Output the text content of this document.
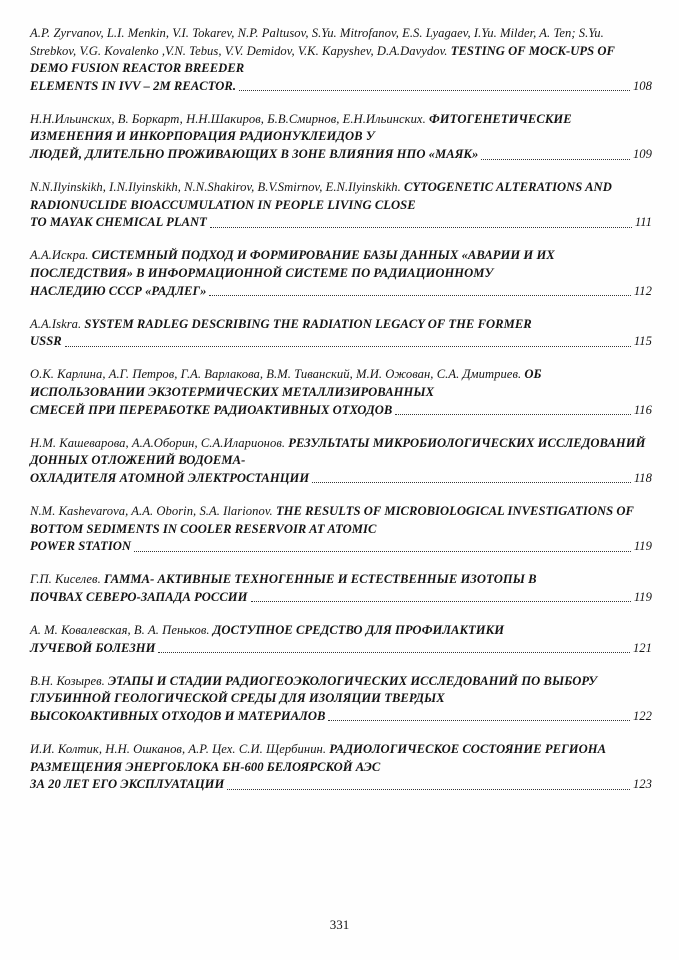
A.P. Zyrvanov, L.I. Menkin, V.I. Tokarev, N.P. Paltusov, S.Yu. Mitrofanov, E.S. Lyagaev, I.Yu. Milder, A. Ten; S.Yu. Strebkov, V.G. Kovalenko ,V.N. Tebus, V.V. Demidov, V.K. Kapyshev, D.A.Davydov. TESTING OF MOCK-UPS OF DEMO FUSION REACTOR BREEDER
ELEMENTS IN IVV – 2M REACTOR.	108
Н.Н.Ильинских, В. Боркарт, Н.Н.Шакиров, Б.В.Смирнов, Е.Н.Ильинских. ФИТОГЕНЕТИЧЕСКИЕ ИЗМЕНЕНИЯ И ИНКОРПОРАЦИЯ РАДИОНУКЛЕИДОВ У
ЛЮДЕЙ, ДЛИТЕЛЬНО ПРОЖИВАЮЩИХ В ЗОНЕ ВЛИЯНИЯ НПО «МАЯК»	109
N.N.Ilyinskikh, I.N.Ilyinskikh, N.N.Shakirov, B.V.Smirnov, E.N.Ilyinskikh. CYTOGENETIC ALTERATIONS AND RADIONUCLIDE BIOACCUMULATION IN PEOPLE LIVING CLOSE
TO MAYAK CHEMICAL PLANT	111
А.А.Искра. СИСТЕМНЫЙ ПОДХОД И ФОРМИРОВАНИЕ БАЗЫ ДАННЫХ «АВАРИИ И ИХ ПОСЛЕДСТВИЯ» В ИНФОРМАЦИОННОЙ СИСТЕМЕ ПО РАДИАЦИОННОМУ
НАСЛЕДИЮ СССР «РАДЛЕГ»	112
A.A.Iskra. SYSTEM RADLEG DESCRIBING THE RADIATION LEGACY OF THE FORMER
USSR	115
О.К. Карлина, А.Г. Петров, Г.А. Варлакова, В.М. Тиванский, М.И. Ожован, С.А. Дмитриев. ОБ ИСПОЛЬЗОВАНИИ ЭКЗОТЕРМИЧЕСКИХ МЕТАЛЛИЗИРОВАННЫХ
СМЕСЕЙ ПРИ ПЕРЕРАБОТКЕ РАДИОАКТИВНЫХ ОТХОДОВ	116
Н.М. Кашеварова, А.А.Оборин, С.А.Иларионов. РЕЗУЛЬТАТЫ МИКРОБИОЛОГИЧЕСКИХ ИССЛЕДОВАНИЙ ДОННЫХ ОТЛОЖЕНИЙ ВОДОЕМА-
ОХЛАДИТЕЛЯ АТОМНОЙ ЭЛЕКТРОСТАНЦИИ	118
N.M. Kashevarova, A.A. Oborin, S.A. Ilarionov. THE RESULTS OF MICROBIOLOGICAL INVESTIGATIONS OF BOTTOM SEDIMENTS IN COOLER RESERVOIR AT ATOMIC
POWER STATION	119
Г.П. Киселев. ГАММА- АКТИВНЫЕ ТЕХНОГЕННЫЕ И ЕСТЕСТВЕННЫЕ ИЗОТОПЫ В
ПОЧВАХ СЕВЕРО-ЗАПАДА РОССИИ	119
А. М. Ковалевская, В. А. Пеньков. ДОСТУПНОЕ СРЕДСТВО ДЛЯ ПРОФИЛАКТИКИ
ЛУЧЕВОЙ БОЛЕЗНИ	121
В.Н. Козырев. ЭТАПЫ И СТАДИИ РАДИОГЕОЭКОЛОГИЧЕСКИХ ИССЛЕДОВАНИЙ ПО ВЫБОРУ ГЛУБИННОЙ ГЕОЛОГИЧЕСКОЙ СРЕДЫ ДЛЯ ИЗОЛЯЦИИ ТВЕРДЫХ
ВЫСОКОАКТИВНЫХ ОТХОДОВ И МАТЕРИАЛОВ	122
И.И. Колтик, Н.Н. Ошканов, А.Р. Цех. С.И. Щербинин. РАДИОЛОГИЧЕСКОЕ СОСТОЯНИЕ РЕГИОНА РАЗМЕЩЕНИЯ ЭНЕРГОБЛОКА БН-600 БЕЛОЯРСКОЙ АЭС
ЗА 20 ЛЕТ ЕГО ЭКСПЛУАТАЦИИ	123
331
